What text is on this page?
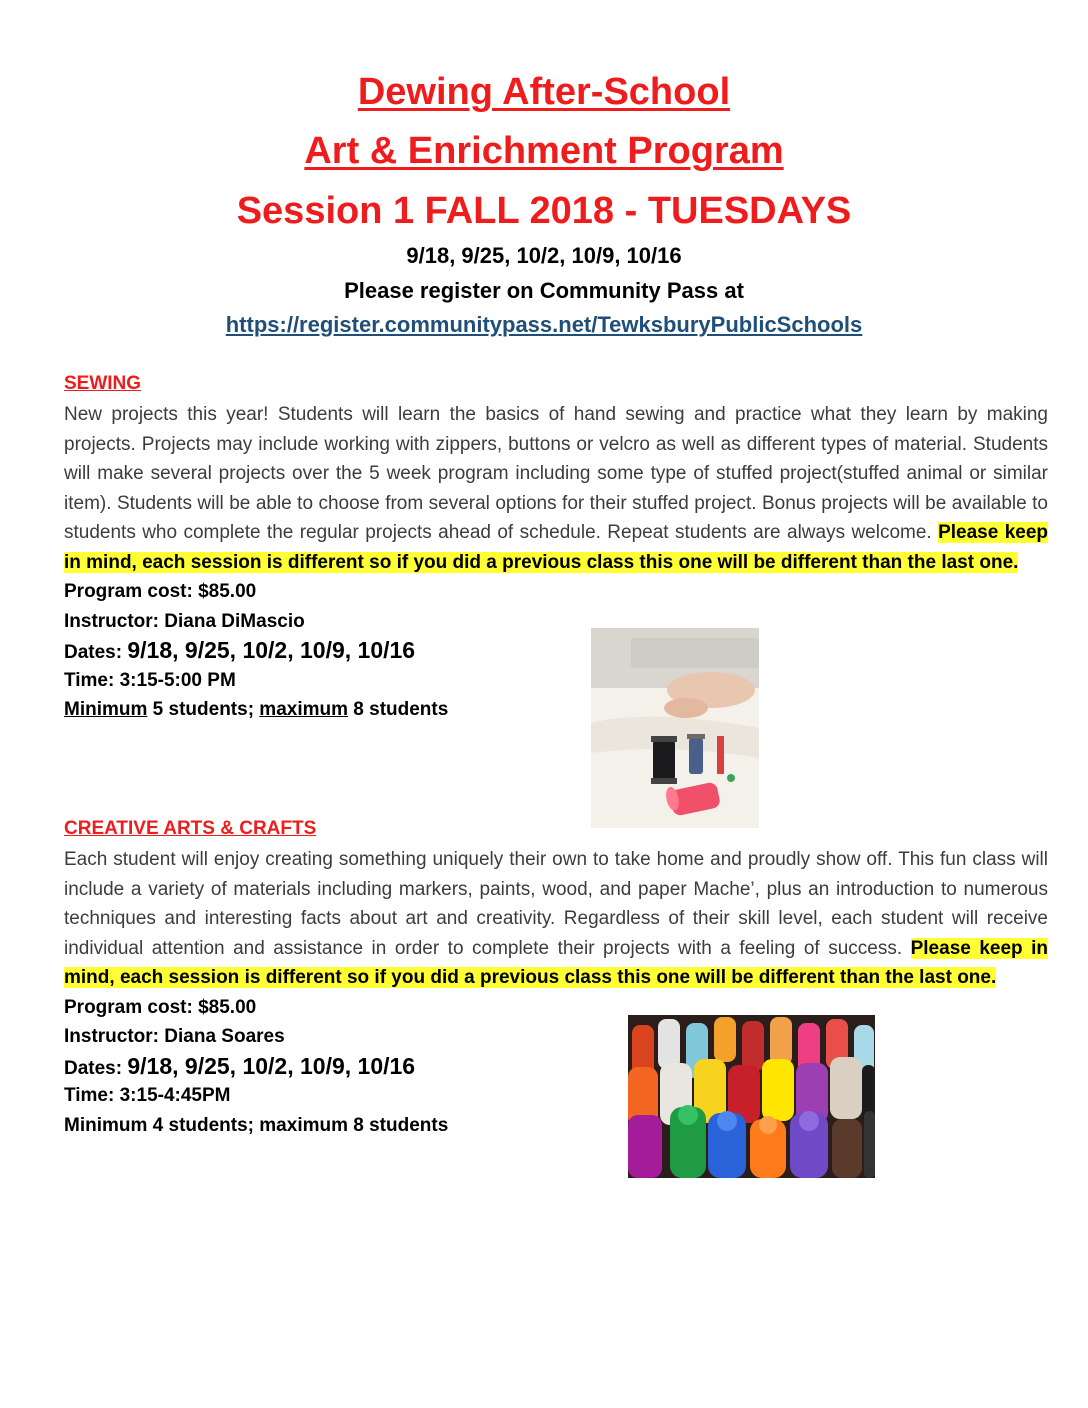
Dewing After-School
Art & Enrichment Program
Session 1 FALL 2018 - TUESDAYS
9/18, 9/25, 10/2, 10/9, 10/16
Please register on Community Pass at
https://register.communitypass.net/TewksburyPublicSchools

SEWING

New projects this year! Students will learn the basics of hand sewing and practice what they learn by making projects. Projects may include working with zippers, buttons or velcro as well as different types of material. Students will make several projects over the 5 week program including some type of stuffed project(stuffed animal or similar item). Students will be able to choose from several options for their stuffed project. Bonus projects will be available to students who complete the regular projects ahead of schedule. Repeat students are always welcome. Please keep in mind, each session is different so if you did a previous class this one will be different than the last one.

Program cost: $85.00
Instructor: Diana DiMascio
Dates: 9/18, 9/25, 10/2, 10/9, 10/16
Time: 3:15-5:00 PM
Minimum 5 students; maximum 8 students

CREATIVE ARTS & CRAFTS

Each student will enjoy creating something uniquely their own to take home and proudly show off. This fun class will include a variety of materials including markers, paints, wood, and paper Mache’, plus an introduction to numerous techniques and interesting facts about art and creativity. Regardless of their skill level, each student will receive individual attention and assistance in order to complete their projects with a feeling of success. Please keep in mind, each session is different so if you did a previous class this one will be different than the last one.

Program cost: $85.00
Instructor: Diana Soares
Dates: 9/18, 9/25, 10/2, 10/9, 10/16
Time: 3:15-4:45PM
Minimum 4 students; maximum 8 students
